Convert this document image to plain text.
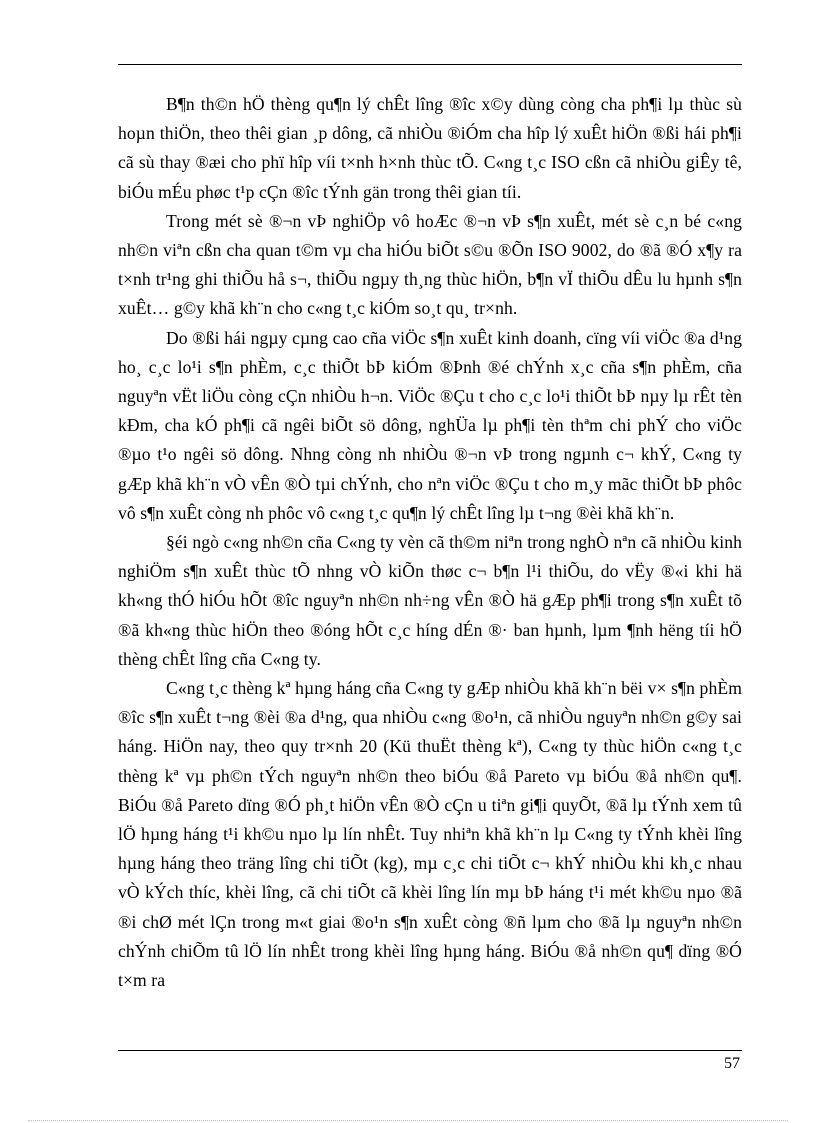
B¶n th©n hÖ thèng qu¶n lý chÊt lîng ®îc x©y dùng còng cha ph¶i lµ thùc sù hoµn thiÖn, theo thêi gian ¸p dông, cã nhiÒu ®iÓm cha hîp lý xuÊt hiÖn ®ßi hái ph¶i cã sù thay ®æi cho phï hîp víi t×nh h×nh thùc tÕ. C«ng t¸c ISO cßn cã nhiÒu giÊy tê, biÓu mÉu phøc t¹p cÇn ®îc tÝnh gän trong thêi gian tíi.

Trong mét sè ®¬n vÞ nghiÖp vô hoÆc ®¬n vÞ s¶n xuÊt, mét sè c¸n bé c«ng nh©n viªn cßn cha quan t©m vµ cha hiÓu biÕt s©u ®Õn ISO 9002, do ®ã ®Ó x¶y ra t×nh tr¹ng ghi thiÕu hå s¬, thiÕu ngµy th¸ng thùc hiÖn, b¶n vÏ thiÕu dÊu lu hµnh s¶n xuÊt… g©y khã kh¨n cho c«ng t¸c kiÓm so¸t qu¸ tr×nh.

Do ®ßi hái ngµy cµng cao cña viÖc s¶n xuÊt kinh doanh, cïng víi viÖc ®a d¹ng ho¸ c¸c lo¹i s¶n phÈm, c¸c thiÕt bÞ kiÓm ®Þnh ®é chÝnh x¸c cña s¶n phÈm, cña nguyªn vËt liÖu còng cÇn nhiÒu h¬n. ViÖc ®Çu t cho c¸c lo¹i thiÕt bÞ nµy lµ rÊt tèn kÐm, cha kÓ ph¶i cã ngêi biÕt sö dông, nghÜa lµ ph¶i tèn thªm chi phÝ cho viÖc ®µo t¹o ngêi sö dông. Nhng còng nh nhiÒu ®¬n vÞ trong ngµnh c¬ khÝ, C«ng ty gÆp khã kh¨n vÒ vÊn ®Ò tµi chÝnh, cho nªn viÖc ®Çu t cho m¸y mãc thiÕt bÞ phôc vô s¶n xuÊt còng nh phôc vô c«ng t¸c qu¶n lý chÊt lîng lµ t¬ng ®èi khã kh¨n.

§éi ngò c«ng nh©n cña C«ng ty vèn cã th©m niªn trong nghÒ nªn cã nhiÒu kinh nghiÖm s¶n xuÊt thùc tÕ nhng vÒ kiÕn thøc c¬ b¶n l¹i thiÕu, do vËy ®«i khi hä kh«ng thÓ hiÓu hÕt ®îc nguyªn nh©n nh÷ng vÊn ®Ò hä gÆp ph¶i trong s¶n xuÊt tõ ®ã kh«ng thùc hiÖn theo ®óng hÕt c¸c híng dÉn ®· ban hµnh, lµm ¶nh hëng tíi hÖ thèng chÊt lîng cña C«ng ty.

C«ng t¸c thèng kª hµng háng cña C«ng ty gÆp nhiÒu khã kh¨n bëi v× s¶n phÈm ®îc s¶n xuÊt t¬ng ®èi ®a d¹ng, qua nhiÒu c«ng ®o¹n, cã nhiÒu nguyªn nh©n g©y sai háng. HiÖn nay, theo quy tr×nh 20 (Kü thuËt thèng kª), C«ng ty thùc hiÖn c«ng t¸c thèng kª vµ ph©n tÝch nguyªn nh©n theo biÓu ®å Pareto vµ biÓu ®å nh©n qu¶. BiÓu ®å Pareto dïng ®Ó ph¸t hiÖn vÊn ®Ò cÇn u tiªn gi¶i quyÕt, ®ã lµ tÝnh xem tû lÖ hµng háng t¹i kh©u nµo lµ lín nhÊt. Tuy nhiªn khã kh¨n lµ C«ng ty tÝnh khèi lîng hµng háng theo träng lîng chi tiÕt (kg), mµ c¸c chi tiÕt c¬ khÝ nhiÒu khi kh¸c nhau vÒ kÝch thíc, khèi lîng, cã chi tiÕt cã khèi lîng lín mµ bÞ háng t¹i mét kh©u nµo ®ã ®i chØ mét lÇn trong m«t giai ®o¹n s¶n xuÊt còng ®ñ lµm cho ®ã lµ nguyªn nh©n chÝnh chiÕm tû lÖ lín nhÊt trong khèi lîng hµng háng. BiÓu ®å nh©n qu¶ dïng ®Ó t×m ra

57
